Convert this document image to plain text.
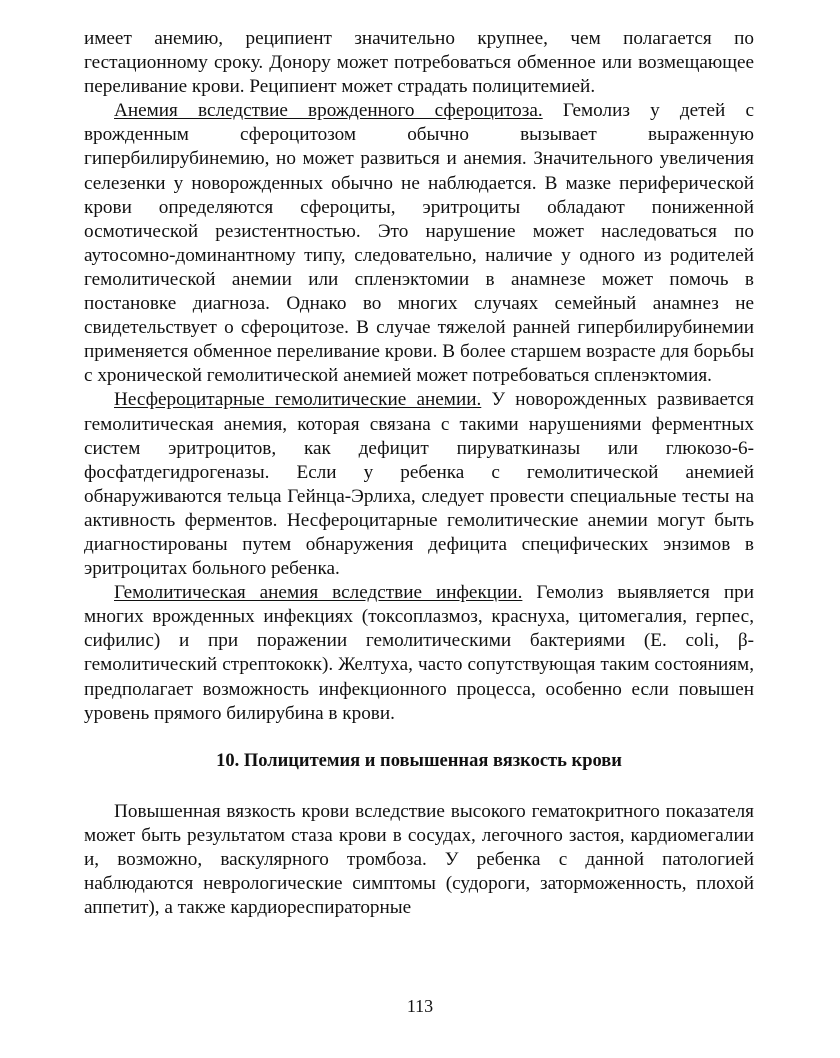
имеет анемию, реципиент значительно крупнее, чем полагается по гестационному сроку. Донору может потребоваться обменное или возмещающее переливание крови. Реципиент может страдать полицитемией.

Анемия вследствие врожденного сфероцитоза. Гемолиз у детей с врожденным сфероцитозом обычно вызывает выраженную гипербилирубинемию, но может развиться и анемия. Значительного увеличения селезенки у новорожденных обычно не наблюдается. В мазке периферической крови определяются сфероциты, эритроциты обладают пониженной осмотической резистентностью. Это нарушение может наследоваться по аутосомно-доминантному типу, следовательно, наличие у одного из родителей гемолитической анемии или спленэктомии в анамнезе может помочь в постановке диагноза. Однако во многих случаях семейный анамнез не свидетельствует о сфероцитозе. В случае тяжелой ранней гипербилирубинемии применяется обменное переливание крови. В более старшем возрасте для борьбы с хронической гемолитической анемией может потребоваться спленэктомия.

Несфероцитарные гемолитические анемии. У новорожденных развивается гемолитическая анемия, которая связана с такими нарушениями ферментных систем эритроцитов, как дефицит пируваткиназы или глюкозо-6-фосфатдегидрогеназы. Если у ребенка с гемолитической анемией обнаруживаются тельца Гейнца-Эрлиха, следует провести специальные тесты на активность ферментов. Несфероцитарные гемолитические анемии могут быть диагностированы путем обнаружения дефицита специфических энзимов в эритроцитах больного ребенка.

Гемолитическая анемия вследствие инфекции. Гемолиз выявляется при многих врожденных инфекциях (токсоплазмоз, краснуха, цитомегалия, герпес, сифилис) и при поражении гемолитическими бактериями (E. coli, β-гемолитический стрептококк). Желтуха, часто сопутствующая таким состояниям, предполагает возможность инфекционного процесса, особенно если повышен уровень прямого билирубина в крови.

10. Полицитемия и повышенная вязкость крови

Повышенная вязкость крови вследствие высокого гематокритного показателя может быть результатом стаза крови в сосудах, легочного застоя, кардиомегалии и, возможно, васкулярного тромбоза. У ребенка с данной патологией наблюдаются неврологические симптомы (судороги, заторможенность, плохой аппетит), а также кардиореспираторные

113
